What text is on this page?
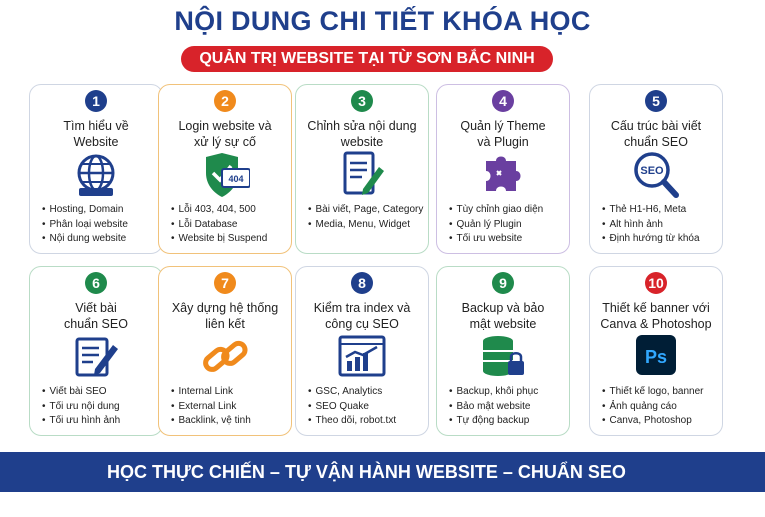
NỘI DUNG CHI TIẾT KHÓA HỌC
QUẢN TRỊ WEBSITE TẠI TỪ SƠN BẮC NINH
1
Tìm hiểu về
Website
• Hosting, Domain
• Phân loại website
• Nội dung website
2
Login website và
xử lý sự cố
404
• Lỗi 403, 404, 500
• Lỗi Database
• Website bị Suspend
3
Chỉnh sửa nội dung
website
• Bài viết, Page, Category
• Media, Menu, Widget
4
Quản lý Theme
và Plugin
• Tùy chỉnh giao diện
• Quản lý Plugin
• Tối ưu website
5
Cấu trúc bài viết
chuẩn SEO
SEO
• Thẻ H1-H6, Meta
• Alt hình ảnh
• Định hướng từ khóa
6
Viết bài
chuẩn SEO
• Viết bài SEO
• Tối ưu nội dung
• Tối ưu hình ảnh
7
Xây dựng hệ thống
liên kết
• Internal Link
• External Link
• Backlink, vệ tinh
8
Kiểm tra index và
công cụ SEO
• GSC, Analytics
• SEO Quake
• Theo dõi, robot.txt
9
Backup và bảo
mật website
• Backup, khôi phục
• Bảo mật website
• Tự động backup
10
Thiết kế banner với
Canva & Photoshop
Ps
• Thiết kế logo, banner
• Ảnh quảng cáo
• Canva, Photoshop
HỌC THỰC CHIẾN – TỰ VẬN HÀNH WEBSITE – CHUẨN SEO
